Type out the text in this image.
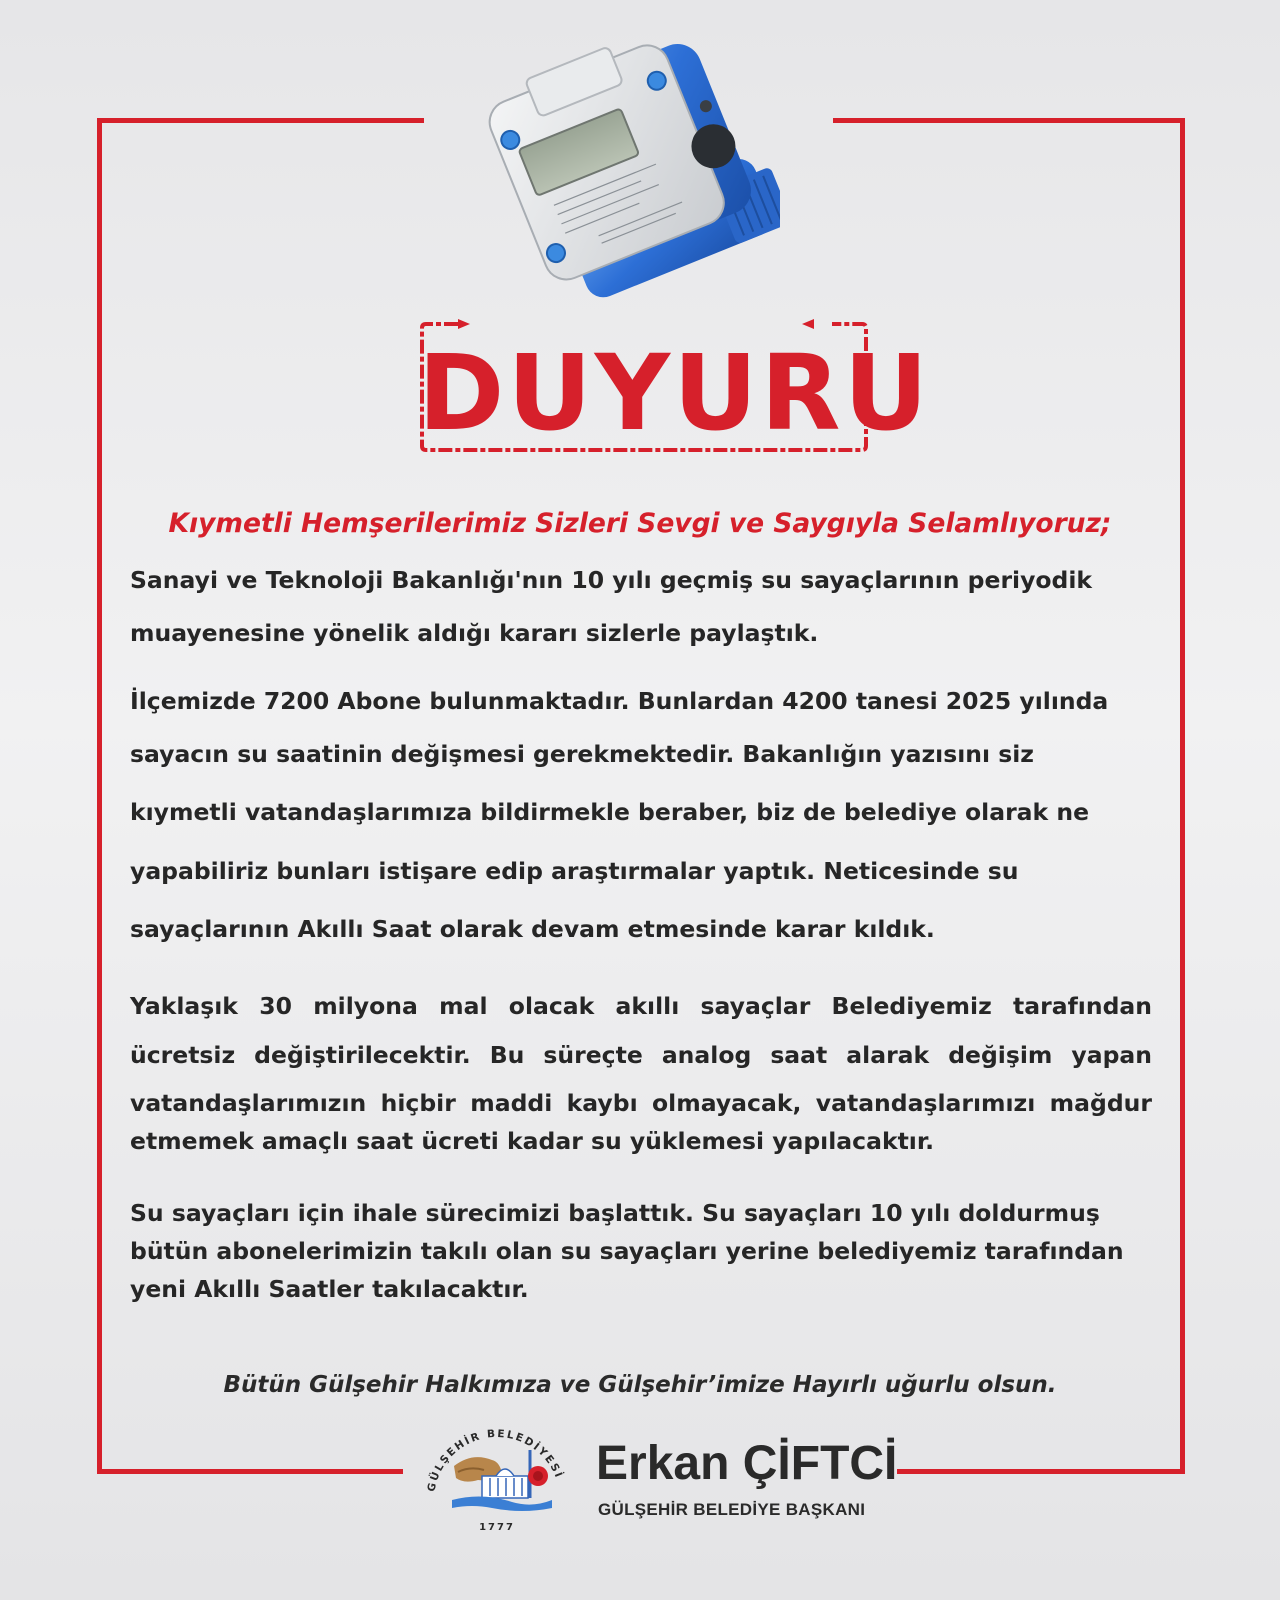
DUYURU
Kıymetli Hemşerilerimiz Sizleri Sevgi ve Saygıyla Selamlıyoruz;
Sanayi ve Teknoloji Bakanlığı'nın 10 yılı geçmiş su sayaçlarının periyodik
muayenesine yönelik aldığı kararı sizlerle paylaştık.
İlçemizde 7200 Abone bulunmaktadır. Bunlardan 4200 tanesi 2025 yılında
sayacın su saatinin değişmesi gerekmektedir. Bakanlığın yazısını siz
kıymetli vatandaşlarımıza bildirmekle beraber, biz de belediye olarak ne
yapabiliriz bunları istişare edip araştırmalar yaptık. Neticesinde su
sayaçlarının Akıllı Saat olarak devam etmesinde karar kıldık.
Yaklaşık 30 milyona mal olacak akıllı sayaçlar Belediyemiz tarafından
ücretsiz değiştirilecektir. Bu süreçte analog saat alarak değişim yapan
vatandaşlarımızın hiçbir maddi kaybı olmayacak, vatandaşlarımızı mağdur
etmemek amaçlı saat ücreti kadar su yüklemesi yapılacaktır.
Su sayaçları için ihale sürecimizi başlattık. Su sayaçları 10 yılı doldurmuş
bütün abonelerimizin takılı olan su sayaçları yerine belediyemiz tarafından
yeni Akıllı Saatler takılacaktır.
Bütün Gülşehir Halkımıza ve Gülşehir’imize Hayırlı uğurlu olsun.
GÜLŞEHİR BELEDİYESİ
1777
Erkan ÇİFTCİ
GÜLŞEHİR BELEDİYE BAŞKANI
